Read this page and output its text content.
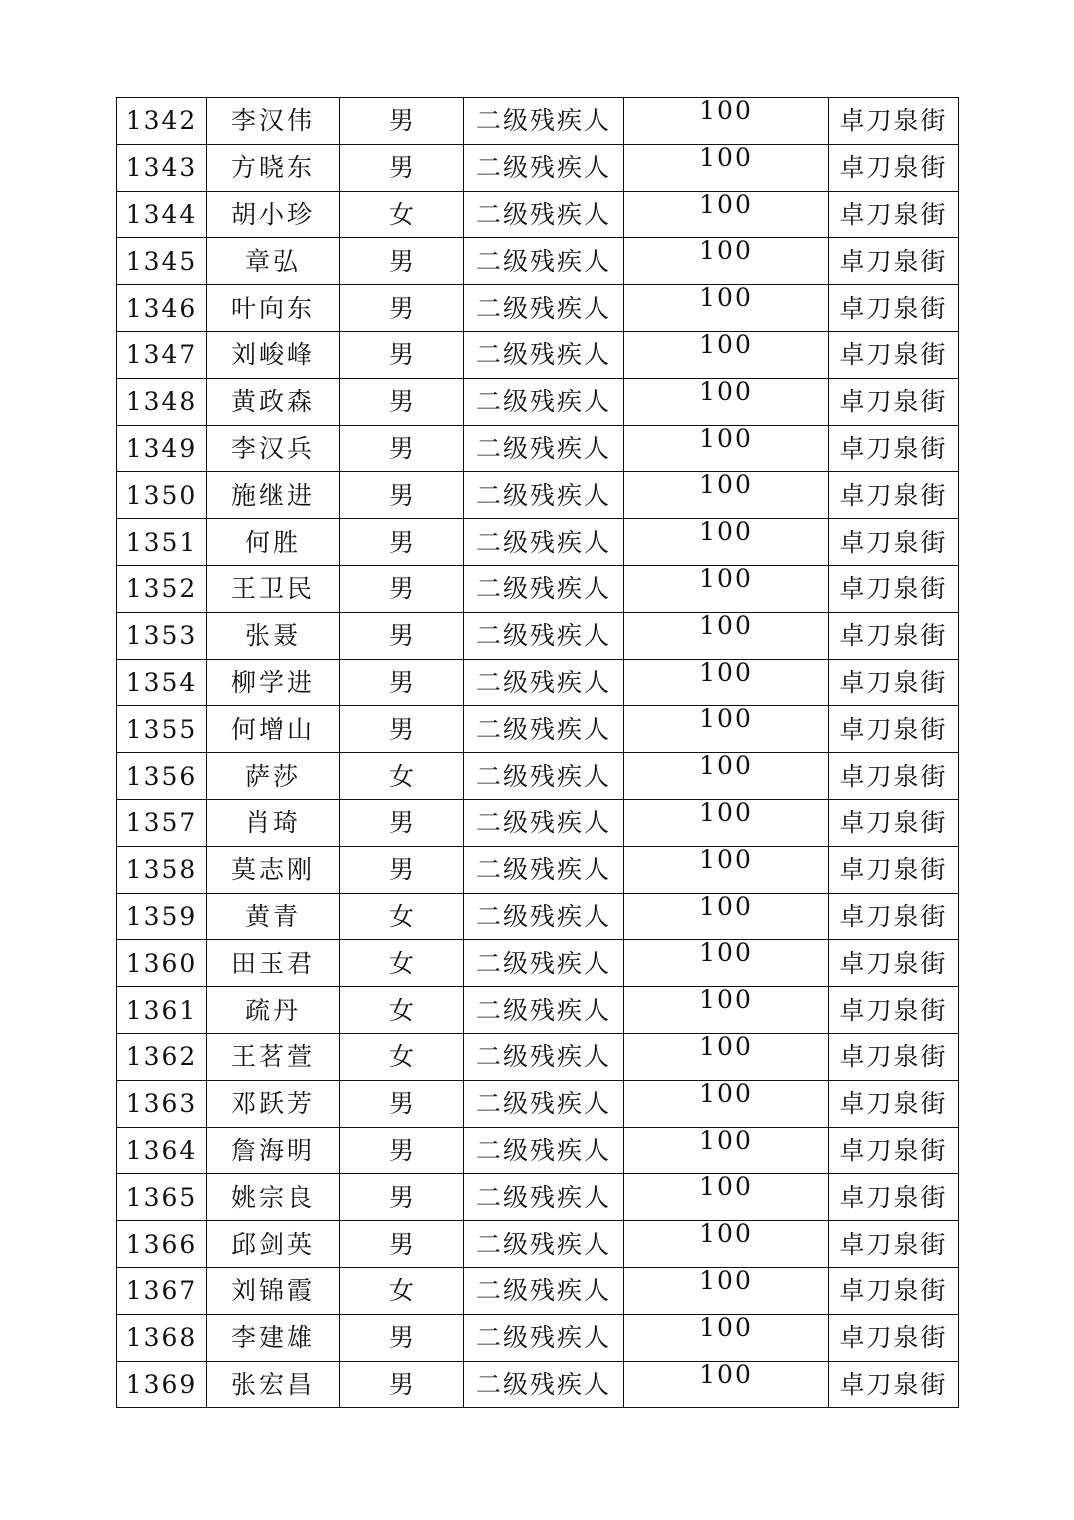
1342	李汉伟	男	二级残疾人	100	卓刀泉街
1343	方晓东	男	二级残疾人	100	卓刀泉街
1344	胡小珍	女	二级残疾人	100	卓刀泉街
1345	章弘	男	二级残疾人	100	卓刀泉街
1346	叶向东	男	二级残疾人	100	卓刀泉街
1347	刘峻峰	男	二级残疾人	100	卓刀泉街
1348	黄政森	男	二级残疾人	100	卓刀泉街
1349	李汉兵	男	二级残疾人	100	卓刀泉街
1350	施继进	男	二级残疾人	100	卓刀泉街
1351	何胜	男	二级残疾人	100	卓刀泉街
1352	王卫民	男	二级残疾人	100	卓刀泉街
1353	张聂	男	二级残疾人	100	卓刀泉街
1354	柳学进	男	二级残疾人	100	卓刀泉街
1355	何增山	男	二级残疾人	100	卓刀泉街
1356	萨莎	女	二级残疾人	100	卓刀泉街
1357	肖琦	男	二级残疾人	100	卓刀泉街
1358	莫志刚	男	二级残疾人	100	卓刀泉街
1359	黄青	女	二级残疾人	100	卓刀泉街
1360	田玉君	女	二级残疾人	100	卓刀泉街
1361	疏丹	女	二级残疾人	100	卓刀泉街
1362	王茗萱	女	二级残疾人	100	卓刀泉街
1363	邓跃芳	男	二级残疾人	100	卓刀泉街
1364	詹海明	男	二级残疾人	100	卓刀泉街
1365	姚宗良	男	二级残疾人	100	卓刀泉街
1366	邱剑英	男	二级残疾人	100	卓刀泉街
1367	刘锦霞	女	二级残疾人	100	卓刀泉街
1368	李建雄	男	二级残疾人	100	卓刀泉街
1369	张宏昌	男	二级残疾人	100	卓刀泉街
